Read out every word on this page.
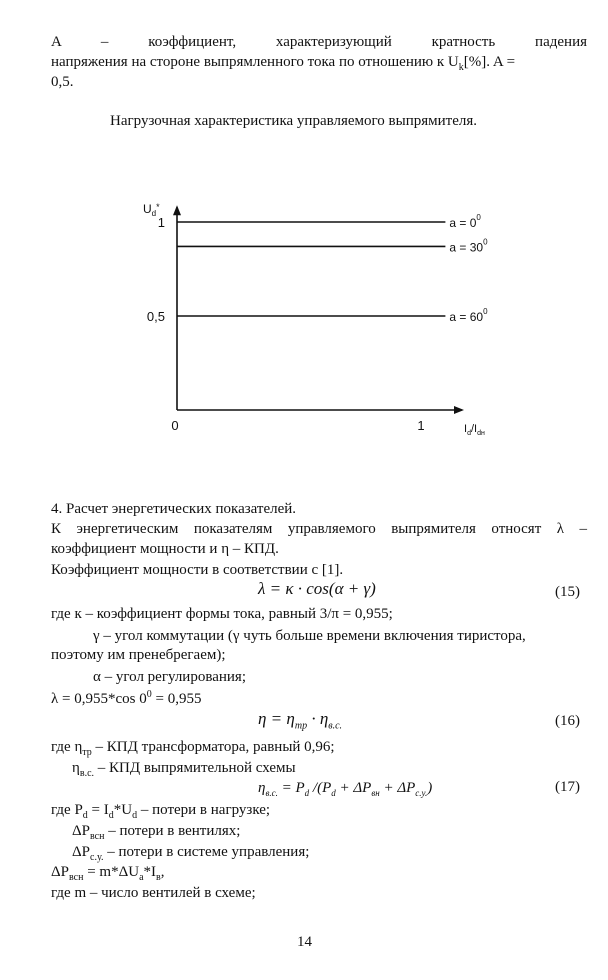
A – коэффициент, характеризующий кратность падения
напряжения на стороне выпрямленного тока по отношению к $U_k[\%]$. A =
0,5.
Нагрузочная характеристика управляемого выпрямителя.
$U_d^*$
$I_d/I_{dн}$
0,5
1
0	1
$a = 0^0$
$a = 30^0$
$a = 60^0$
4. Расчет энергетических показателей.
К энергетическим показателям управляемого выпрямителя относят λ –
коэффициент мощности и η – КПД.
Коэффициент мощности в соответствии с [1].
λ = κ · cos(α + γ)	(15)
где к – коэффициент формы тока, равный 3/π = 0,955;
γ – угол коммутации (γ чуть больше времени включения тиристора,
поэтому им пренебрегаем);
α – угол регулирования;
λ = 0,955*cos $0^0 = 0,955$
$\eta = \eta_{тр} \cdot \eta_{в.с.}$	(16)
где $\eta_{тр}$ – КПД трансформатора, равный 0,96;
$\eta_{в.с.}$ – КПД выпрямительной схемы
$\eta_{в.с.} = P_d$ $/(P_d + \Delta P_{вн} + \Delta P_{с.у.})$	(17)
где $P_d = I_d*U_d$ – потери в нагрузке;
$\Delta P_{всн}$ – потери в вентилях;
$\Delta P_{с.у.}$ – потери в системе управления;
$\Delta P_{всн} = m*\Delta U_a*I_в$,
где m – число вентилей в схеме;
14
